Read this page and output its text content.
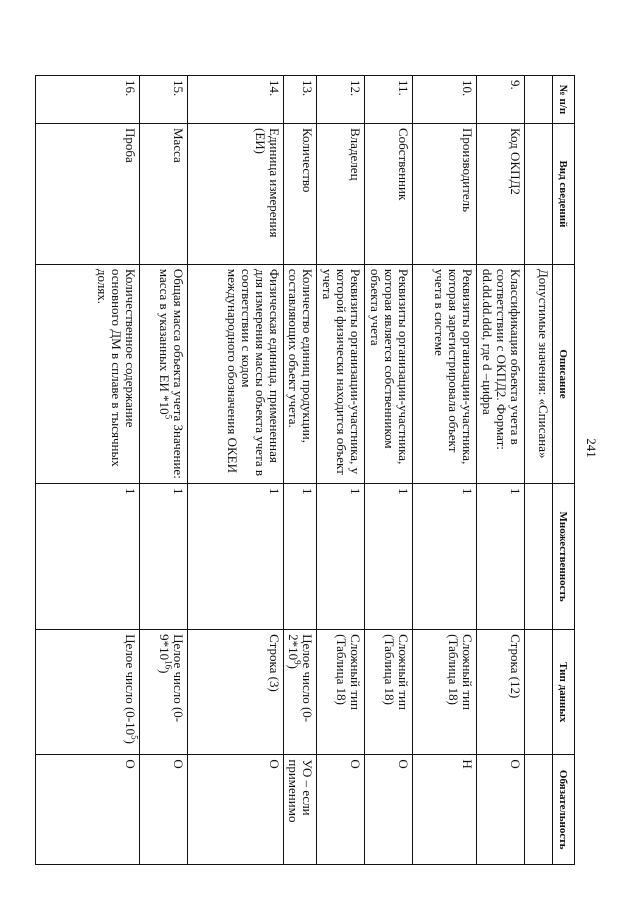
241
№ п/п	Вид сведений	Описание	Множественность	Тип данных	Обязательность
		Допустимые значения: «Списана»			
9.	Код ОКПД2	Классификация объекта учета в соответствии с ОКПД2. Формат: dd.dd.dd.ddd, где d –цифра	1	Строка (12)	О
10.	Производитель	Реквизиты организации-участника, которая зарегистрировала объект учета в системе	1	Сложный тип (Таблица 18)	Н
11.	Собственник	Реквизиты организации-участника, которая является собственником объекта учета	1	Сложный тип (Таблица 18)	О
12.	Владелец	Реквизиты организации-участника, у которой физически находится объект учета	1	Сложный тип (Таблица 18)	О
13.	Количество	Количество единиц продукции, составляющих объект учета.	1	Целое число $(0-2*10^9)$	УО – если применимо
14.	Единица измерения (ЕИ)	Физическая единица, примененная для измерения массы объекта учета в соответствии с кодом международного обозначения ОКЕИ	1	Строка (3)	О
15.	Масса	Общая масса объекта учета Значение: масса в указанных ЕИ $*10^5$	1	Целое число $(0-9*10^{16})$	О
16.	Проба	Количественное содержание основного ДМ в сплаве в тысячных долях.	1	Целое число $(0-10^5)$	О
